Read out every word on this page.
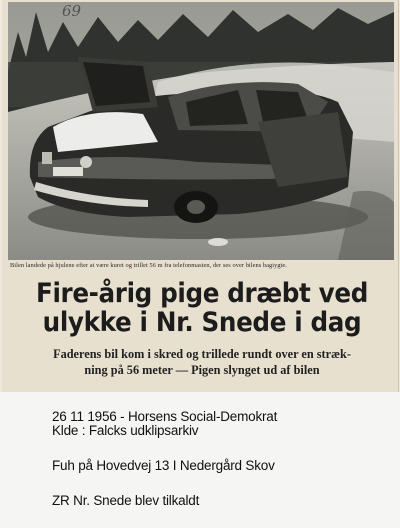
69
Bilen landede på hjulene efter at være kuret og trillet 56 m fra telefonmasten, der ses over bilens bagiygte.
Fire-årig pige dræbt ved
ulykke i Nr. Snede i dag
Faderens bil kom i skred og trillede rundt over en stræk-
ning på 56 meter — Pigen slynget ud af bilen
26 11 1956 - Horsens Social-Demokrat
Klde : Falcks udklipsarkiv
Fuh på Hovedvej 13 I Nedergård Skov
ZR Nr. Snede blev tilkaldt
